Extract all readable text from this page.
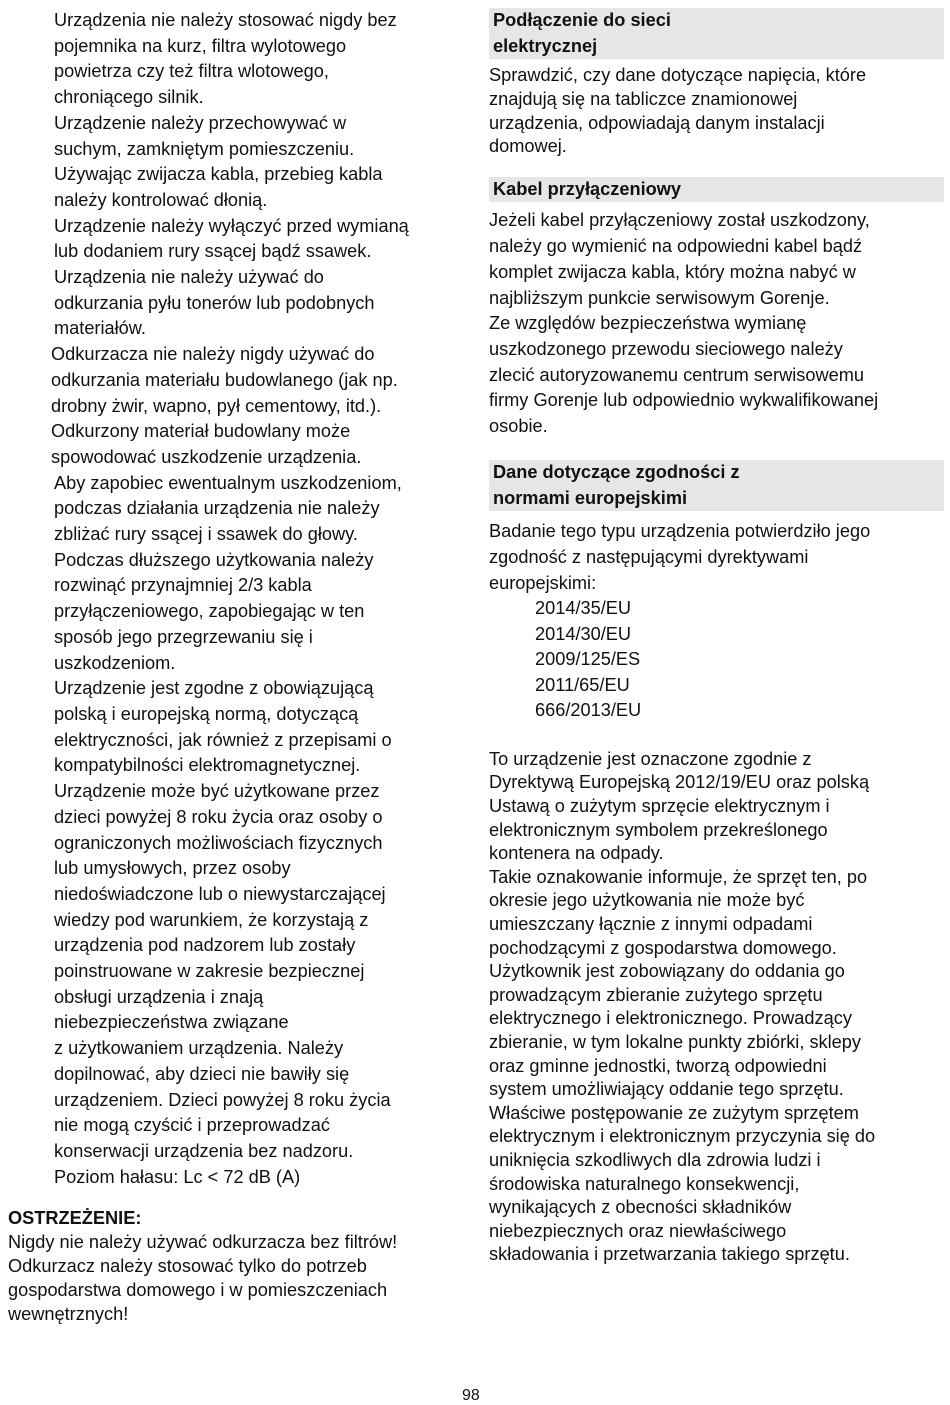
Urządzenia nie należy stosować nigdy bez
pojemnika na kurz, filtra wylotowego
powietrza czy też filtra wlotowego,
chroniącego silnik.
Urządzenie należy przechowywać w
suchym, zamkniętym pomieszczeniu.
Używając zwijacza kabla, przebieg kabla
należy kontrolować dłonią.
Urządzenie należy wyłączyć przed wymianą
lub dodaniem rury ssącej bądź ssawek.
Urządzenia nie należy używać do
odkurzania pyłu tonerów lub podobnych
materiałów.
Odkurzacza nie należy nigdy używać do
odkurzania materiału budowlanego (jak np.
drobny żwir, wapno, pył cementowy, itd.).
Odkurzony materiał budowlany może
spowodować uszkodzenie urządzenia.
Aby zapobiec ewentualnym uszkodzeniom,
podczas działania urządzenia nie należy
zbliżać rury ssącej i ssawek do głowy.
Podczas dłuższego użytkowania należy
rozwinąć przynajmniej 2/3 kabla
przyłączeniowego, zapobiegając w ten
sposób jego przegrzewaniu się i
uszkodzeniom.
Urządzenie jest zgodne z obowiązującą
polską i europejską normą, dotyczącą
elektryczności, jak również z przepisami o
kompatybilności elektromagnetycznej.
Urządzenie może być użytkowane przez
dzieci powyżej 8 roku życia oraz osoby o
ograniczonych możliwościach fizycznych
lub umysłowych, przez osoby
niedoświadczone lub o niewystarczającej
wiedzy pod warunkiem, że korzystają z
urządzenia pod nadzorem lub zostały
poinstruowane w zakresie bezpiecznej
obsługi urządzenia i znają
niebezpieczeństwa związane
z użytkowaniem urządzenia. Należy
dopilnować, aby dzieci nie bawiły się
urządzeniem. Dzieci powyżej 8 roku życia
nie mogą czyścić i przeprowadzać
konserwacji urządzenia bez nadzoru.
Poziom hałasu: Lc < 72 dB (A)
OSTRZEŻENIE:
Nigdy nie należy używać odkurzacza bez filtrów!
Odkurzacz należy stosować tylko do potrzeb
gospodarstwa domowego i w pomieszczeniach
wewnętrznych!
Podłączenie do sieci
elektrycznej
Sprawdzić, czy dane dotyczące napięcia, które
znajdują się na tabliczce znamionowej
urządzenia, odpowiadają danym instalacji
domowej.
Kabel przyłączeniowy
Jeżeli kabel przyłączeniowy został uszkodzony,
należy go wymienić na odpowiedni kabel bądź
komplet zwijacza kabla, który można nabyć w
najbliższym punkcie serwisowym Gorenje.
Ze względów bezpieczeństwa wymianę
uszkodzonego przewodu sieciowego należy
zlecić autoryzowanemu centrum serwisowemu
firmy Gorenje lub odpowiednio wykwalifikowanej
osobie.
Dane dotyczące zgodności z
normami europejskimi
Badanie tego typu urządzenia potwierdziło jego
zgodność z następującymi dyrektywami
europejskimi:
2014/35/EU
2014/30/EU
2009/125/ES
2011/65/EU
666/2013/EU
To urządzenie jest oznaczone zgodnie z
Dyrektywą Europejską 2012/19/EU oraz polską
Ustawą o zużytym sprzęcie elektrycznym i
elektronicznym symbolem przekreślonego
kontenera na odpady.
Takie oznakowanie informuje, że sprzęt ten, po
okresie jego użytkowania nie może być
umieszczany łącznie z innymi odpadami
pochodzącymi z gospodarstwa domowego.
Użytkownik jest zobowiązany do oddania go
prowadzącym zbieranie zużytego sprzętu
elektrycznego i elektronicznego. Prowadzący
zbieranie, w tym lokalne punkty zbiórki, sklepy
oraz gminne jednostki, tworzą odpowiedni
system umożliwiający oddanie tego sprzętu.
Właściwe postępowanie ze zużytym sprzętem
elektrycznym i elektronicznym przyczynia się do
uniknięcia szkodliwych dla zdrowia ludzi i
środowiska naturalnego konsekwencji,
wynikających z obecności składników
niebezpiecznych oraz niewłaściwego
składowania i przetwarzania takiego sprzętu.
98
